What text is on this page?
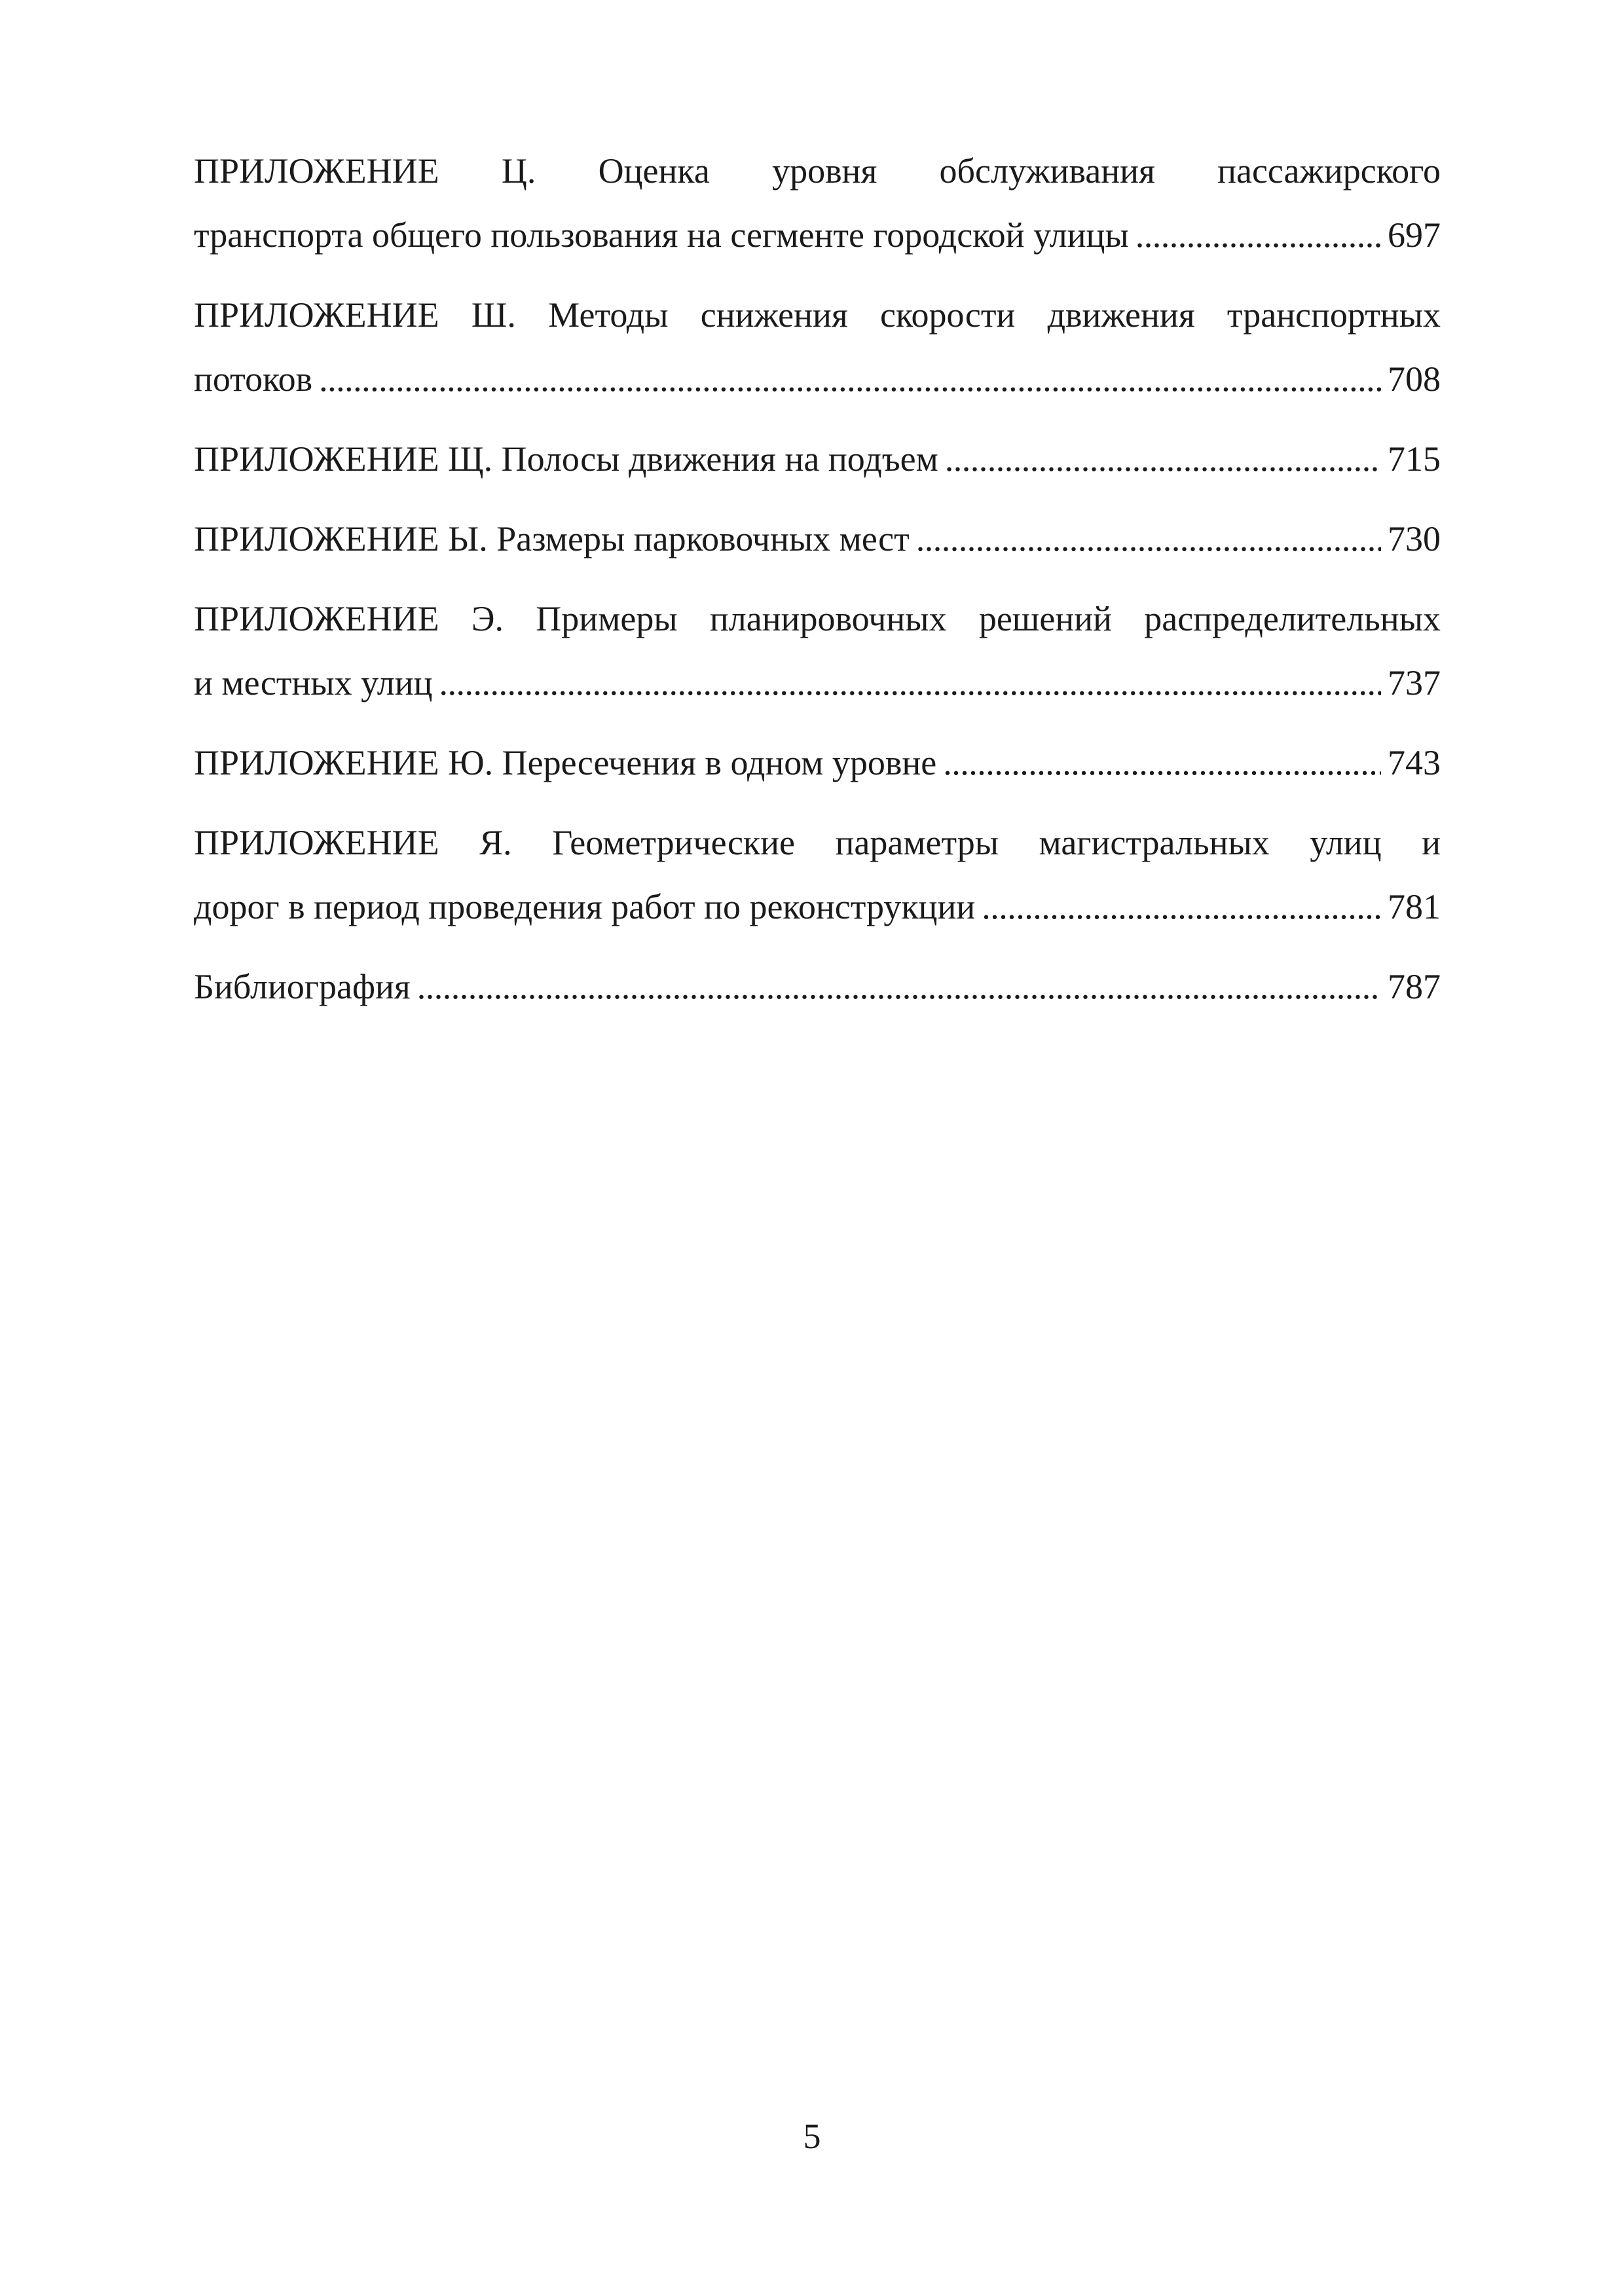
ПРИЛОЖЕНИЕ Ц. Оценка уровня обслуживания пассажирского
транспорта общего пользования на сегменте городской улицы . . .	697
ПРИЛОЖЕНИЕ Ш. Методы снижения скорости движения транспортных
потоков . . .	708
ПРИЛОЖЕНИЕ Щ. Полосы движения на подъем . . .	715
ПРИЛОЖЕНИЕ Ы. Размеры парковочных мест . . .	730
ПРИЛОЖЕНИЕ Э. Примеры планировочных решений распределительных
и местных улиц . . .	737
ПРИЛОЖЕНИЕ Ю. Пересечения в одном уровне . . .	743
ПРИЛОЖЕНИЕ Я. Геометрические параметры магистральных улиц и
дорог в период проведения работ по реконструкции . . .	781
Библиография . . .	787
5
